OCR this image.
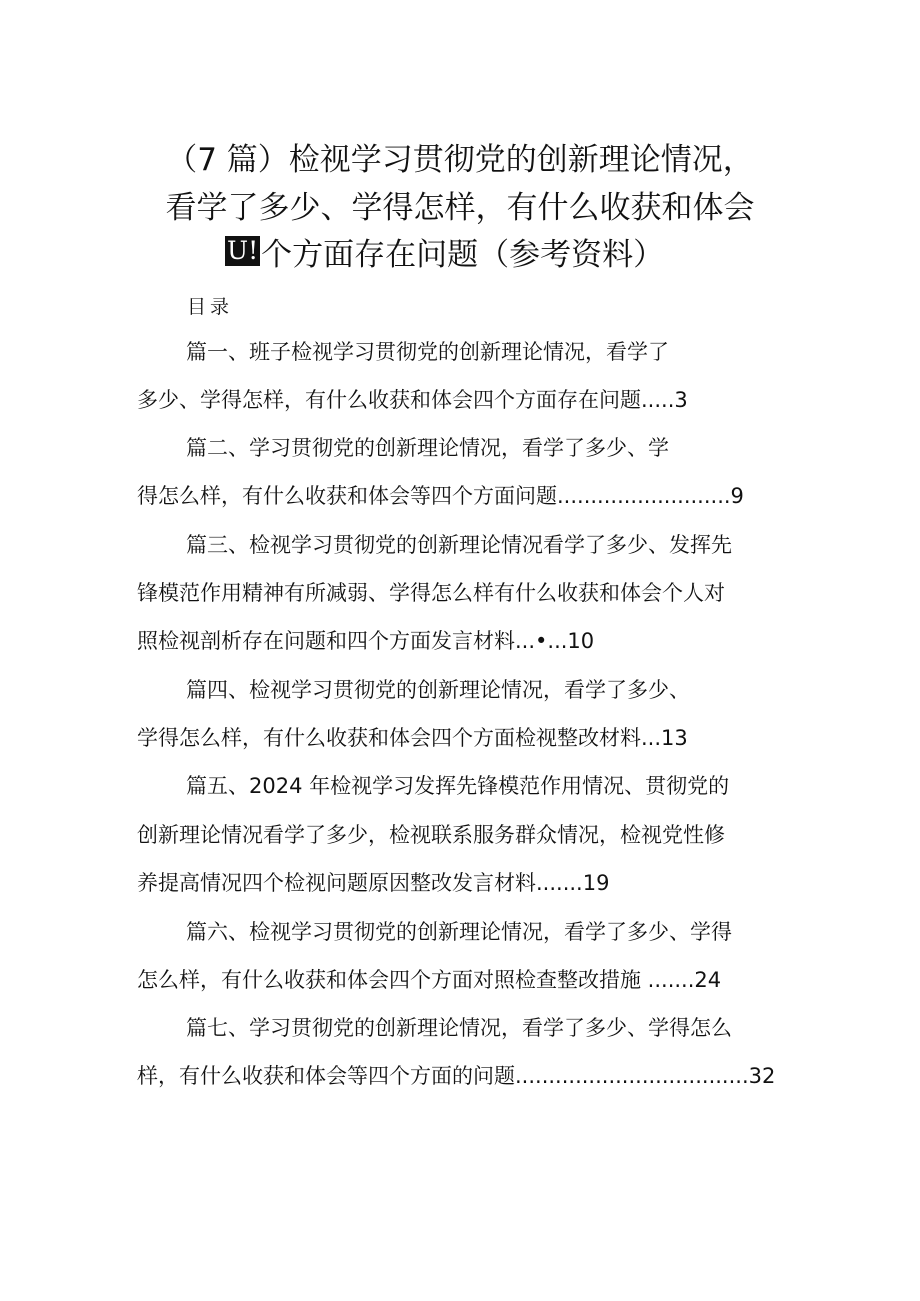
（7 篇）检视学习贯彻党的创新理论情况，
看学了多少、学得怎样，有什么收获和体会
U!个方面存在问题（参考资料）
目录
篇一、班子检视学习贯彻党的创新理论情况，看学了
多少、学得怎样，有什么收获和体会四个方面存在问题.....3
篇二、学习贯彻党的创新理论情况，看学了多少、学
得怎么样，有什么收获和体会等四个方面问题..........................9
篇三、检视学习贯彻党的创新理论情况看学了多少、发挥先
锋模范作用精神有所减弱、学得怎么样有什么收获和体会个人对
照检视剖析存在问题和四个方面发言材料...•...10
篇四、检视学习贯彻党的创新理论情况，看学了多少、
学得怎么样，有什么收获和体会四个方面检视整改材料...13
篇五、2024 年检视学习发挥先锋模范作用情况、贯彻党的
创新理论情况看学了多少，检视联系服务群众情况，检视党性修
养提高情况四个检视问题原因整改发言材料.......19
篇六、检视学习贯彻党的创新理论情况，看学了多少、学得
怎么样，有什么收获和体会四个方面对照检查整改措施 .......24
篇七、学习贯彻党的创新理论情况，看学了多少、学得怎么
样，有什么收获和体会等四个方面的问题...................................32
